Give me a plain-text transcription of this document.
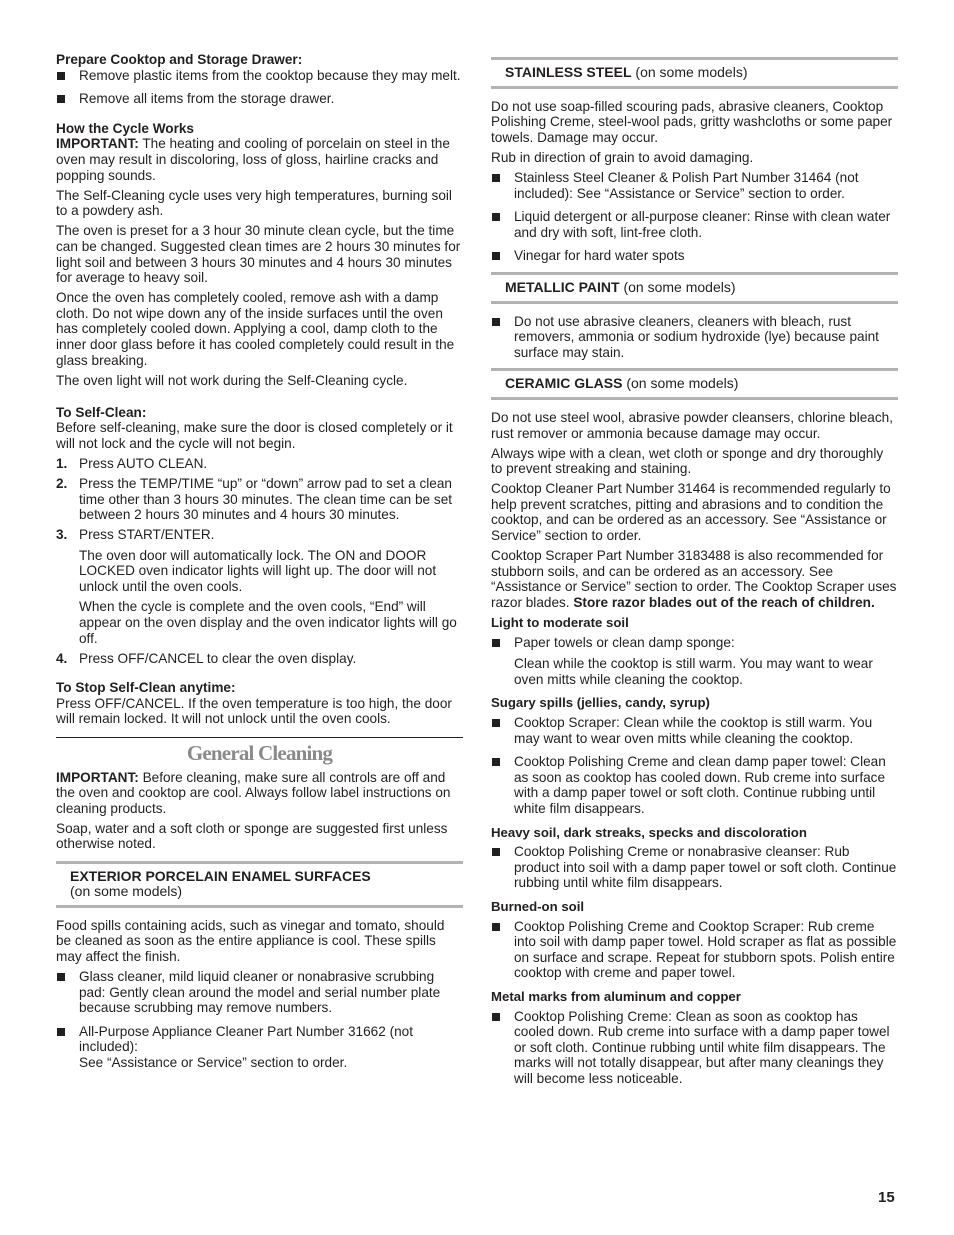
Prepare Cooktop and Storage Drawer:

Remove plastic items from the cooktop because they may melt.
Remove all items from the storage drawer.

How the Cycle Works

IMPORTANT: The heating and cooling of porcelain on steel in the oven may result in discoloring, loss of gloss, hairline cracks and popping sounds.

The Self-Cleaning cycle uses very high temperatures, burning soil to a powdery ash.

The oven is preset for a 3 hour 30 minute clean cycle, but the time can be changed. Suggested clean times are 2 hours 30 minutes for light soil and between 3 hours 30 minutes and 4 hours 30 minutes for average to heavy soil.

Once the oven has completely cooled, remove ash with a damp cloth. Do not wipe down any of the inside surfaces until the oven has completely cooled down. Applying a cool, damp cloth to the inner door glass before it has cooled completely could result in the glass breaking.

The oven light will not work during the Self-Cleaning cycle.

To Self-Clean:

Before self-cleaning, make sure the door is closed completely or it will not lock and the cycle will not begin.

1. Press AUTO CLEAN.
2. Press the TEMP/TIME “up” or “down” arrow pad to set a clean time other than 3 hours 30 minutes. The clean time can be set between 2 hours 30 minutes and 4 hours 30 minutes.
3. Press START/ENTER.

The oven door will automatically lock. The ON and DOOR LOCKED oven indicator lights will light up. The door will not unlock until the oven cools.

When the cycle is complete and the oven cools, “End” will appear on the oven display and the oven indicator lights will go off.

4. Press OFF/CANCEL to clear the oven display.

To Stop Self-Clean anytime:

Press OFF/CANCEL. If the oven temperature is too high, the door will remain locked. It will not unlock until the oven cools.

General Cleaning

IMPORTANT: Before cleaning, make sure all controls are off and the oven and cooktop are cool. Always follow label instructions on cleaning products.

Soap, water and a soft cloth or sponge are suggested first unless otherwise noted.

EXTERIOR PORCELAIN ENAMEL SURFACES
(on some models)

Food spills containing acids, such as vinegar and tomato, should be cleaned as soon as the entire appliance is cool. These spills may affect the finish.

Glass cleaner, mild liquid cleaner or nonabrasive scrubbing pad: Gently clean around the model and serial number plate because scrubbing may remove numbers.
All-Purpose Appliance Cleaner Part Number 31662 (not included):
See “Assistance or Service” section to order.
STAINLESS STEEL (on some models)

Do not use soap-filled scouring pads, abrasive cleaners, Cooktop Polishing Creme, steel-wool pads, gritty washcloths or some paper towels. Damage may occur.

Rub in direction of grain to avoid damaging.

Stainless Steel Cleaner & Polish Part Number 31464 (not included): See “Assistance or Service” section to order.
Liquid detergent or all-purpose cleaner: Rinse with clean water and dry with soft, lint-free cloth.
Vinegar for hard water spots
METALLIC PAINT (on some models)
Do not use abrasive cleaners, cleaners with bleach, rust removers, ammonia or sodium hydroxide (lye) because paint surface may stain.
CERAMIC GLASS (on some models)

Do not use steel wool, abrasive powder cleansers, chlorine bleach, rust remover or ammonia because damage may occur.

Always wipe with a clean, wet cloth or sponge and dry thoroughly to prevent streaking and staining.

Cooktop Cleaner Part Number 31464 is recommended regularly to help prevent scratches, pitting and abrasions and to condition the cooktop, and can be ordered as an accessory. See “Assistance or Service” section to order.

Cooktop Scraper Part Number 3183488 is also recommended for stubborn soils, and can be ordered as an accessory. See “Assistance or Service” section to order. The Cooktop Scraper uses razor blades. Store razor blades out of the reach of children.

Light to moderate soil

Paper towels or clean damp sponge:

Clean while the cooktop is still warm. You may want to wear oven mitts while cleaning the cooktop.

Sugary spills (jellies, candy, syrup)

Cooktop Scraper: Clean while the cooktop is still warm. You may want to wear oven mitts while cleaning the cooktop.
Cooktop Polishing Creme and clean damp paper towel: Clean as soon as cooktop has cooled down. Rub creme into surface with a damp paper towel or soft cloth. Continue rubbing until white film disappears.

Heavy soil, dark streaks, specks and discoloration

Cooktop Polishing Creme or nonabrasive cleanser: Rub product into soil with a damp paper towel or soft cloth. Continue rubbing until white film disappears.

Burned-on soil

Cooktop Polishing Creme and Cooktop Scraper: Rub creme into soil with damp paper towel. Hold scraper as flat as possible on surface and scrape. Repeat for stubborn spots. Polish entire cooktop with creme and paper towel.

Metal marks from aluminum and copper

Cooktop Polishing Creme: Clean as soon as cooktop has cooled down. Rub creme into surface with a damp paper towel or soft cloth. Continue rubbing until white film disappears. The marks will not totally disappear, but after many cleanings they will become less noticeable.
15
